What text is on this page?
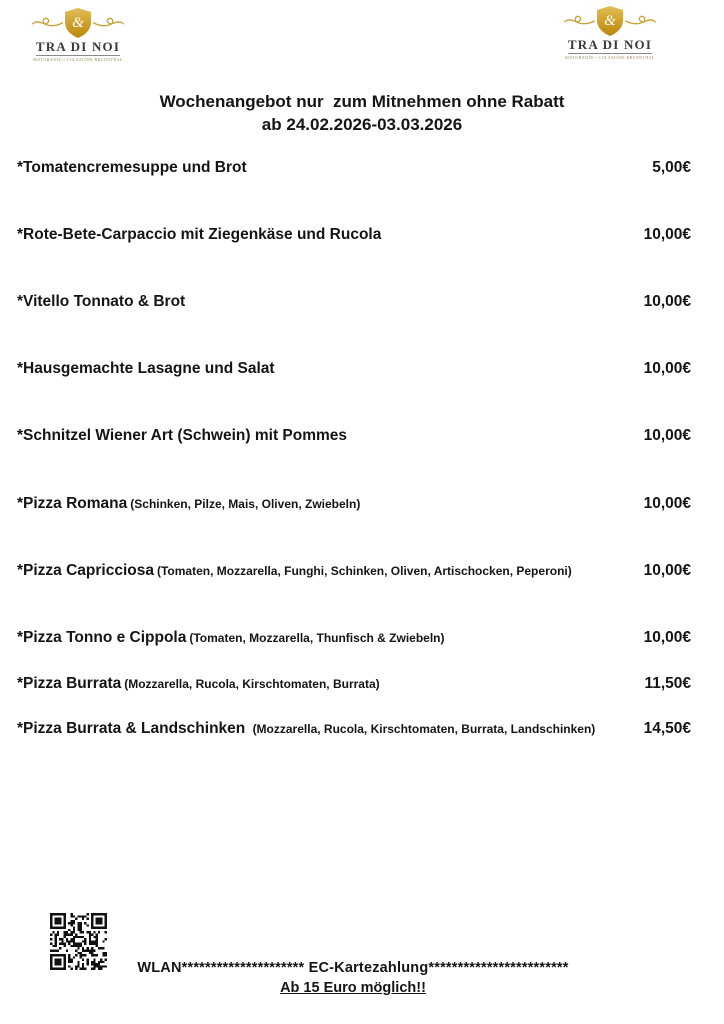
&
TRA DI NOI
RISTORANTE • COLAZIONE BRUNNTHAL
&
TRA DI NOI
RISTORANTE • COLAZIONE BRUNNTHAL
Wochenangebot nur  zum Mitnehmen ohne Rabatt
ab 24.02.2026-03.03.2026
*Tomatencremesuppe und Brot	5,00€
*Rote-Bete-Carpaccio mit Ziegenkäse und Rucola	10,00€
*Vitello Tonnato & Brot	10,00€
*Hausgemachte Lasagne und Salat	10,00€
*Schnitzel Wiener Art (Schwein) mit Pommes	10,00€
*Pizza Romana (Schinken, Pilze, Mais, Oliven, Zwiebeln)	10,00€
*Pizza Capricciosa (Tomaten, Mozzarella, Funghi, Schinken, Oliven, Artischocken, Peperoni)	10,00€
*Pizza Tonno e Cippola (Tomaten, Mozzarella, Thunfisch & Zwiebeln)	10,00€
*Pizza Burrata (Mozzarella, Rucola, Kirschtomaten, Burrata)	11,50€
*Pizza Burrata & Landschinken (Mozzarella, Rucola, Kirschtomaten, Burrata, Landschinken)	14,50€
WLAN********************* EC-Kartezahlung************************
Ab 15 Euro möglich!!
